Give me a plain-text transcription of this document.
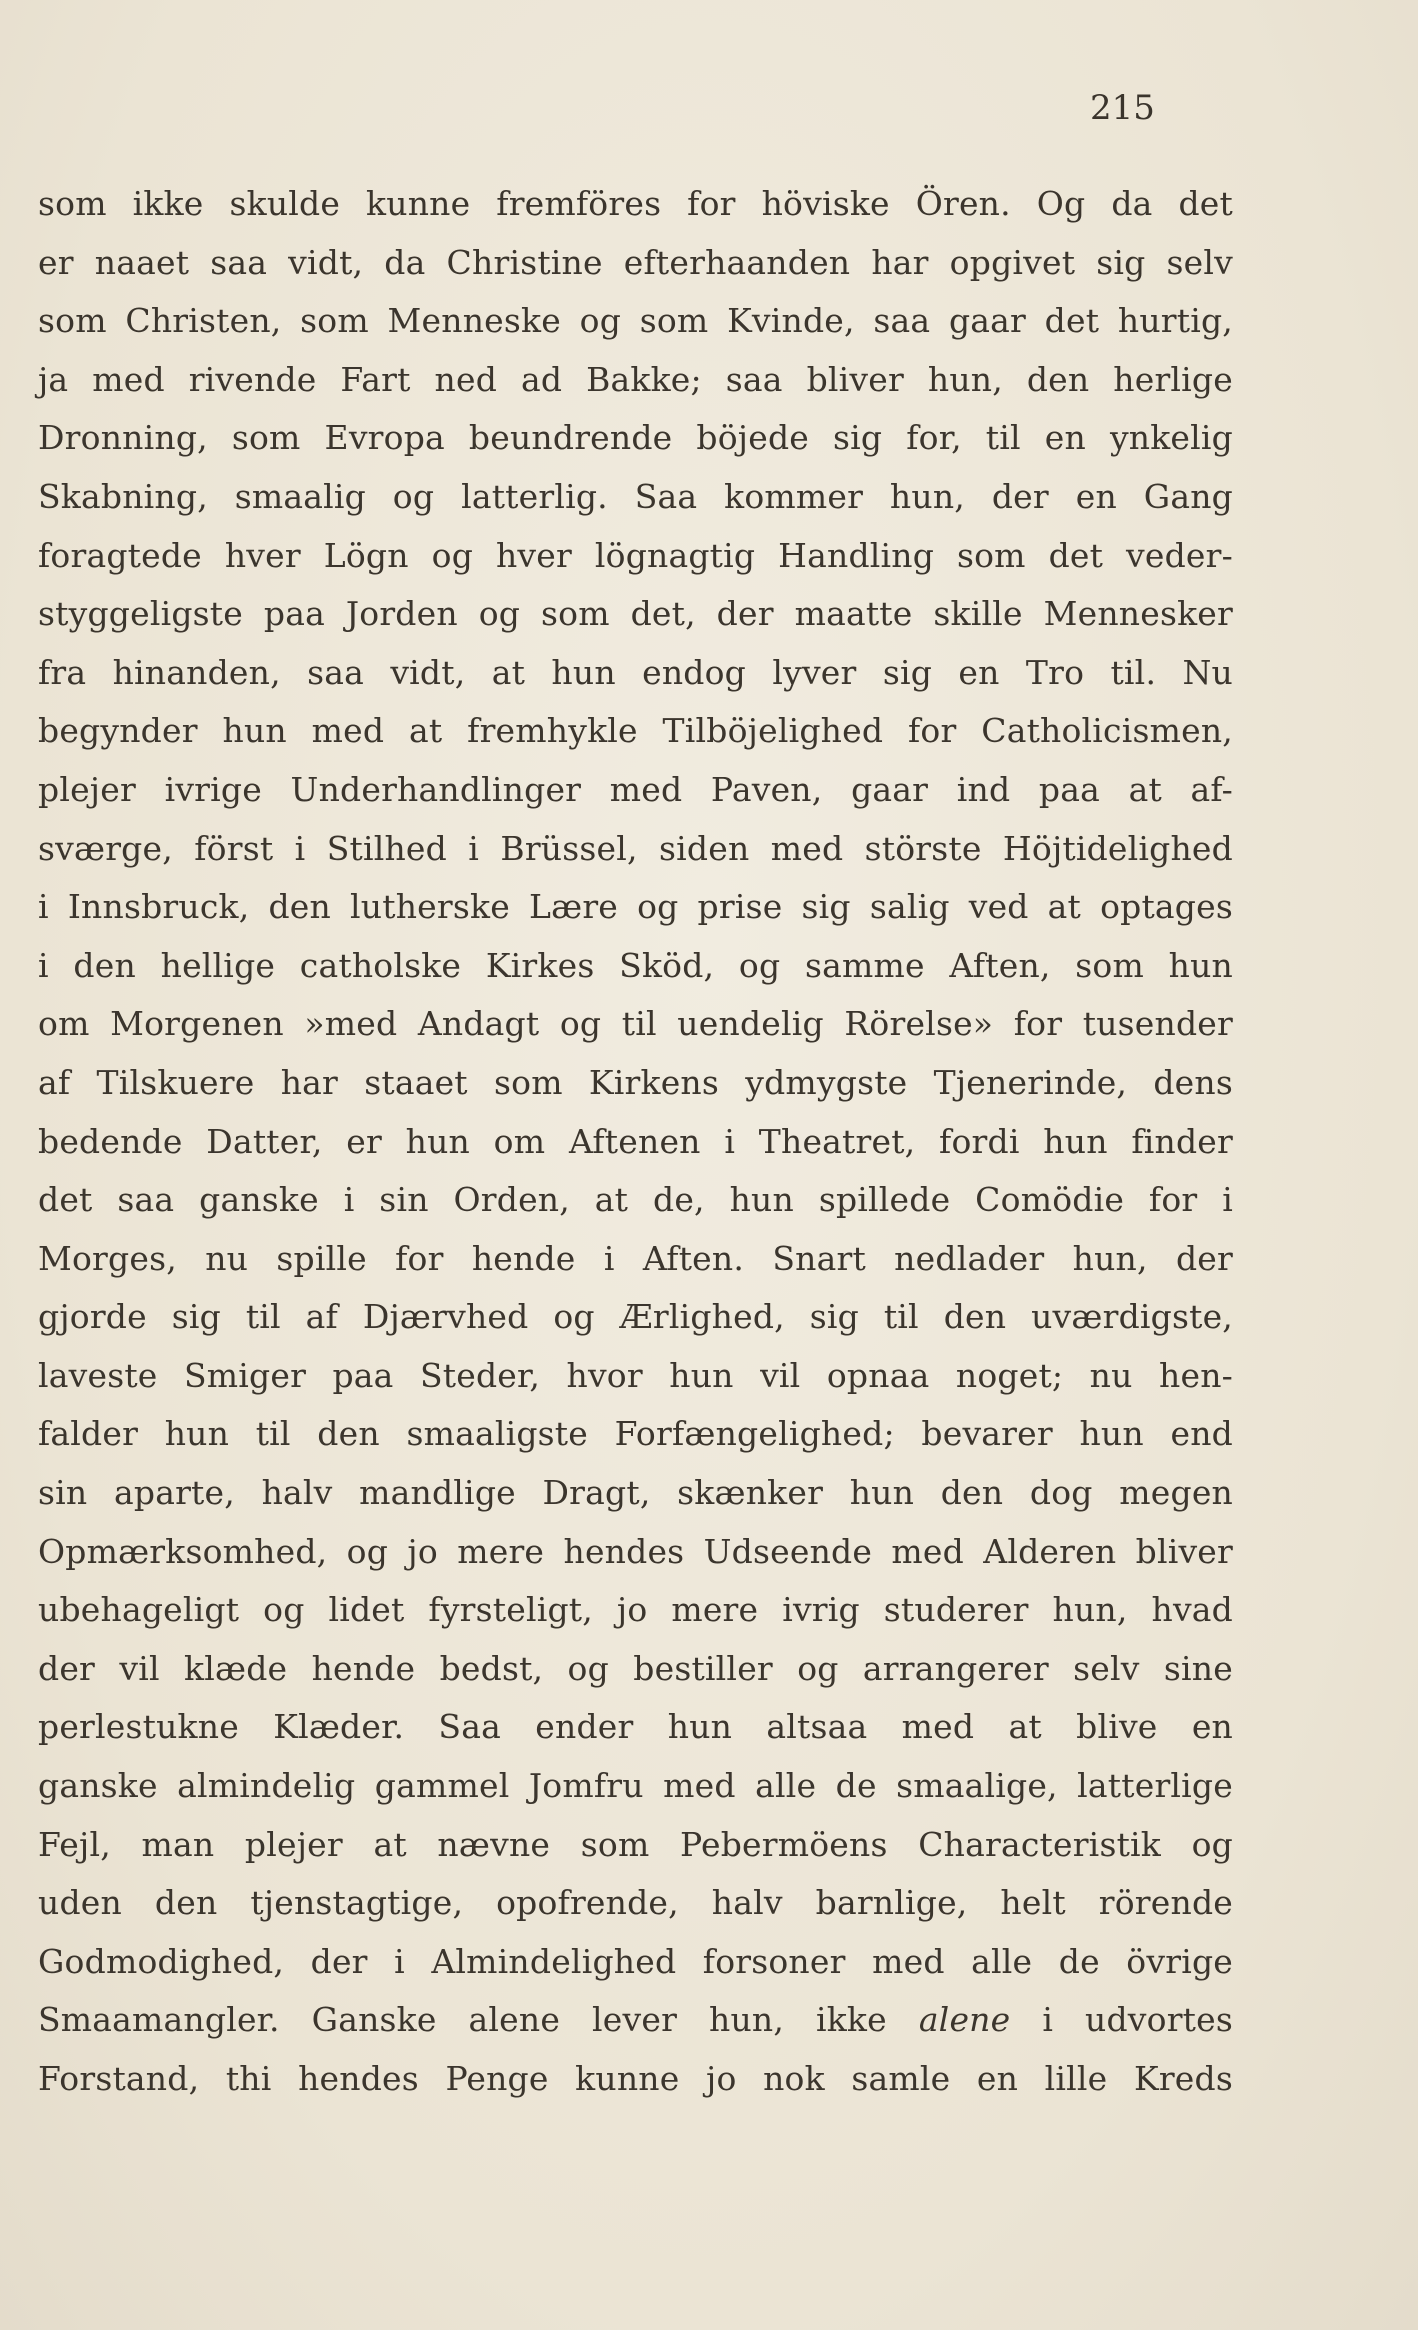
215
som ikke skulde kunne fremföres for höviske Ören. Og da det
er naaet saa vidt, da Christine efterhaanden har opgivet sig selv
som Christen, som Menneske og som Kvinde, saa gaar det hurtig,
ja med rivende Fart ned ad Bakke; saa bliver hun, den herlige
Dronning, som Evropa beundrende böjede sig for, til en ynkelig
Skabning, smaalig og latterlig. Saa kommer hun, der en Gang
foragtede hver Lögn og hver lögnagtig Handling som det veder-
styggeligste paa Jorden og som det, der maatte skille Mennesker
fra hinanden, saa vidt, at hun endog lyver sig en Tro til. Nu
begynder hun med at fremhykle Tilböjelighed for Catholicismen,
plejer ivrige Underhandlinger med Paven, gaar ind paa at af-
sværge, först i Stilhed i Brüssel, siden med störste Höjtidelighed
i Innsbruck, den lutherske Lære og prise sig salig ved at optages
i den hellige catholske Kirkes Sköd, og samme Aften, som hun
om Morgenen »med Andagt og til uendelig Rörelse» for tusender
af Tilskuere har staaet som Kirkens ydmygste Tjenerinde, dens
bedende Datter, er hun om Aftenen i Theatret, fordi hun finder
det saa ganske i sin Orden, at de, hun spillede Comödie for i
Morges, nu spille for hende i Aften. Snart nedlader hun, der
gjorde sig til af Djærvhed og Ærlighed, sig til den uværdigste,
laveste Smiger paa Steder, hvor hun vil opnaa noget; nu hen-
falder hun til den smaaligste Forfængelighed; bevarer hun end
sin aparte, halv mandlige Dragt, skænker hun den dog megen
Opmærksomhed, og jo mere hendes Udseende med Alderen bliver
ubehageligt og lidet fyrsteligt, jo mere ivrig studerer hun, hvad
der vil klæde hende bedst, og bestiller og arrangerer selv sine
perlestukne Klæder. Saa ender hun altsaa med at blive en
ganske almindelig gammel Jomfru med alle de smaalige, latterlige
Fejl, man plejer at nævne som Pebermöens Characteristik og
uden den tjenstagtige, opofrende, halv barnlige, helt rörende
Godmodighed, der i Almindelighed forsoner med alle de övrige
Smaamangler. Ganske alene lever hun, ikke alene i udvortes
Forstand, thi hendes Penge kunne jo nok samle en lille Kreds
